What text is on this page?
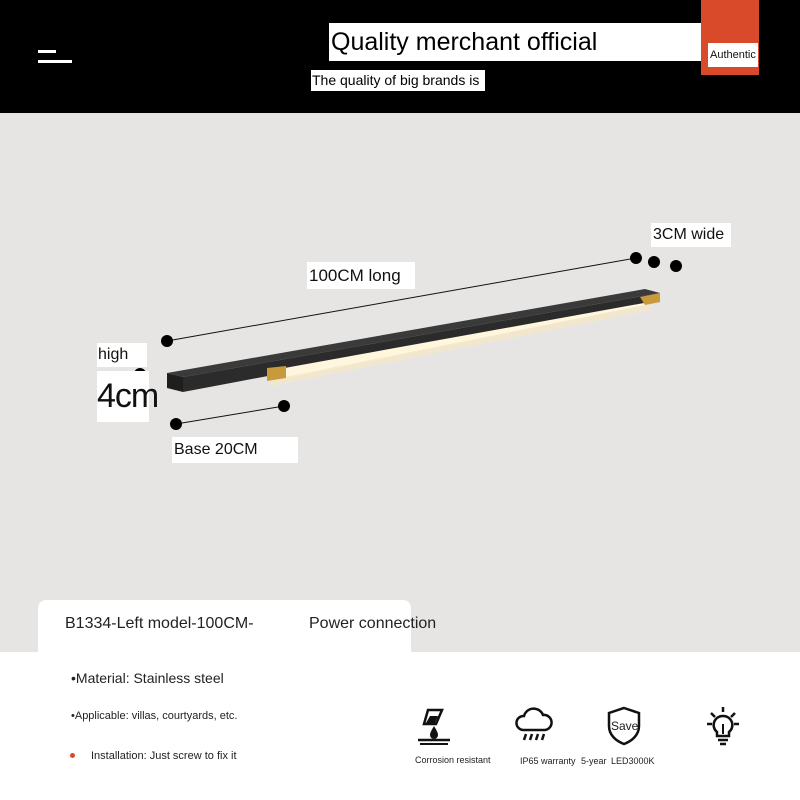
Quality merchant official	Authentic
The quality of big brands is
3CM wide
100CM long
high
4cm
Base 20CM
B1334-Left model-100CM-	Power connection
•Material: Stainless steel
•Applicable: villas, courtyards, etc.
Installation: Just screw to fix it	Corrosion resistant	IP65 warranty
Save
5-year LED3000K
